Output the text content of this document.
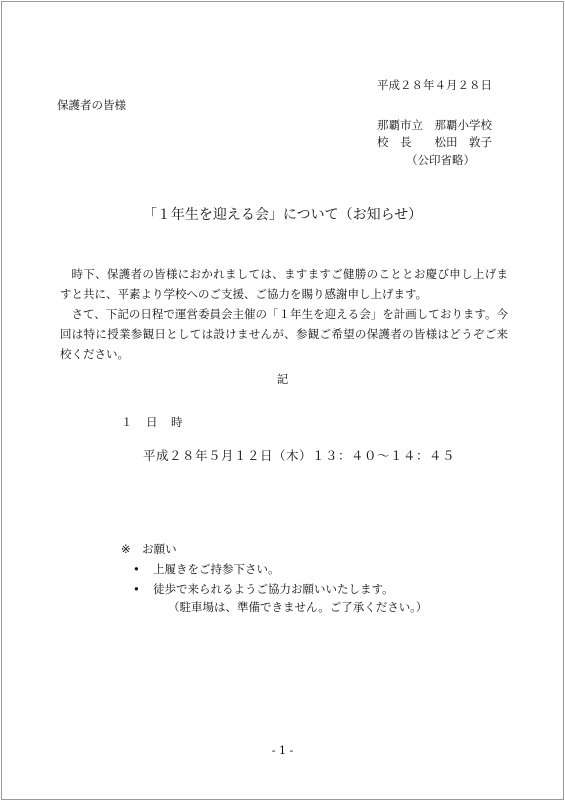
平成２８年４月２８日
保護者の皆様
那覇市立　那覇小学校
校　長　　松田　敦子
（公印省略）
「１年生を迎える会」について（お知らせ）

時下、保護者の皆様におかれましては、ますますご健勝のこととお慶び申し上げますと共に、平素より学校へのご支援、ご協力を賜り感謝申し上げます。

さて、下記の日程で運営委員会主催の「１年生を迎える会」を計画しております。今回は特に授業参観日としては設けませんが、参観ご希望の保護者の皆様はどうぞご来校ください。

記
１　日　時
平成２８年５月１２日（木）１３：４０～１４：４５
※　お願い
• 上履きをご持参下さい。
• 徒歩で来られるようご協力お願いいたします。
（駐車場は、準備できません。ご了承ください。）
- 1 -
